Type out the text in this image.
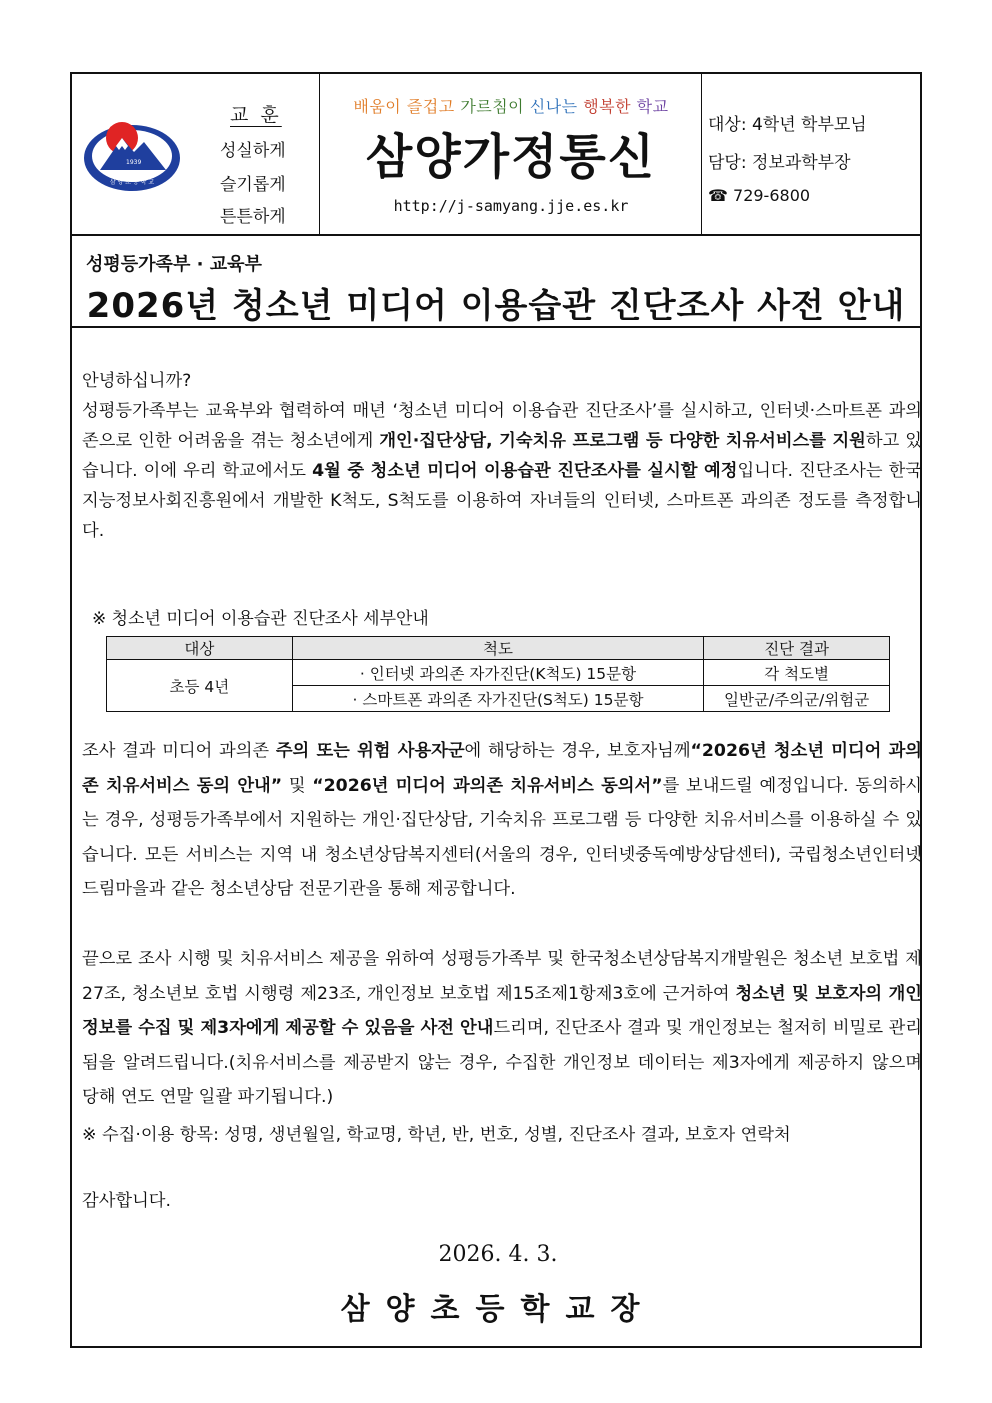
1939
삼 양 초 등 학 교
교 훈
성실하게
슬기롭게
튼튼하게
배움이 즐겁고 가르침이 신나는 행복한 학교
삼양가정통신
http://j-samyang.jje.es.kr
대상: 4학년 학부모님
담당: 정보과학부장
☎ 729-6800
성평등가족부 · 교육부
2026년 청소년 미디어 이용습관 진단조사 사전 안내
안녕하십니까?
성평등가족부는 교육부와 협력하여 매년 ‘청소년 미디어 이용습관 진단조사’를 실시하고, 인터넷·스마트폰 과의존으로 인한 어려움을 겪는 청소년에게 개인·집단상담, 기숙치유 프로그램 등 다양한 치유서비스를 지원하고 있습니다. 이에 우리 학교에서도 4월 중 청소년 미디어 이용습관 진단조사를 실시할 예정입니다. 진단조사는 한국지능정보사회진흥원에서 개발한 K척도, S척도를 이용하여 자녀들의 인터넷, 스마트폰 과의존 정도를 측정합니다.
※ 청소년 미디어 이용습관 진단조사 세부안내
대상	척도	진단 결과
초등 4년	· 인터넷 과의존 자가진단(K척도) 15문항	각 척도별
	· 스마트폰 과의존 자가진단(S척도) 15문항	일반군/주의군/위험군
조사 결과 미디어 과의존 주의 또는 위험 사용자군에 해당하는 경우, 보호자님께“2026년 청소년 미디어 과의존 치유서비스 동의 안내” 및 “2026년 미디어 과의존 치유서비스 동의서”를 보내드릴 예정입니다. 동의하시는 경우, 성평등가족부에서 지원하는 개인·집단상담, 기숙치유 프로그램 등 다양한 치유서비스를 이용하실 수 있습니다. 모든 서비스는 지역 내 청소년상담복지센터(서울의 경우, 인터넷중독예방상담센터), 국립청소년인터넷드림마을과 같은 청소년상담 전문기관을 통해 제공합니다.
끝으로 조사 시행 및 치유서비스 제공을 위하여 성평등가족부 및 한국청소년상담복지개발원은 청소년 보호법 제27조, 청소년보 호법 시행령 제23조, 개인정보 보호법 제15조제1항제3호에 근거하여 청소년 및 보호자의 개인정보를 수집 및 제3자에게 제공할 수 있음을 사전 안내드리며, 진단조사 결과 및 개인정보는 철저히 비밀로 관리됨을 알려드립니다.(치유서비스를 제공받지 않는 경우, 수집한 개인정보 데이터는 제3자에게 제공하지 않으며 당해 연도 연말 일괄 파기됩니다.)
※ 수집·이용 항목: 성명, 생년월일, 학교명, 학년, 반, 번호, 성별, 진단조사 결과, 보호자 연락처
감사합니다.
2026. 4. 3.
삼양초등학교장
